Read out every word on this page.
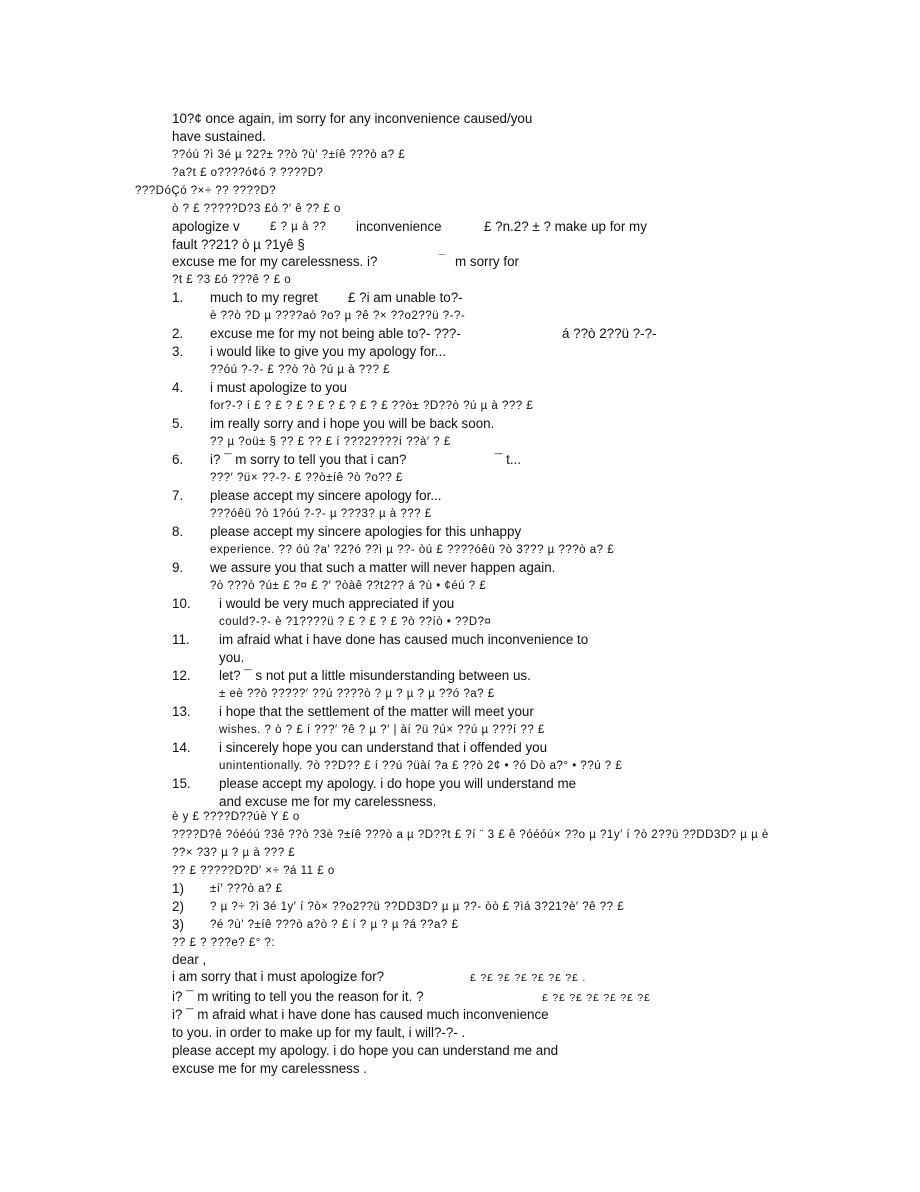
10?¢ once again, im sorry for any inconvenience caused/you
have sustained.
??óú ?ì 3é µ ?2?± ??ò ?ù′ ?±íê ???ò a? £
?a?t £ o????ó¢ó ? ????D?
???DóÇó ?×÷ ?? ????D?
ò ? £ ?????D?3 £ó ?′ ê ?? £ o
apologize v	£ ? µ à ?? inconvenience	£ ?n.2? ± ? make up for my
fault ??21? ò µ ?1yê §
excuse me for my carelessness. i?	¯ m sorry for
?t £ ?3 £ó ???ê ? £ o
1. much to my regret
è ??ò ?D µ ????aò ?o? µ ?ê ?× ??o2??ü ?-?-
£ ?i am unable to?-
2. excuse me for my not being able to?- ???-	á ??ò 2??ü ?-?-
3. i would like to give you my apology for...
??óú ?-?- £ ??ò ?ò ?ú µ à ??? £
4. i must apologize to you
for?-? í £ ? £ ? £ ? £ ? £ ? £ ? £ ??ò± ?D??ò ?ú µ à ??? £
5. im really sorry and i hope you will be back soon.
?? µ ?oü± § ?? £ ?? £ í ???2????í ??à′ ? £
6. i? ¯ m sorry to tell you that i can?
???′ ?ü× ??-?- £ ??ò±íê ?ò ?o?? £
¯ t...
7. please accept my sincere apology for...
???óêü ?ò 1?óú ?-?- µ ???3? µ à ??? £
8. please accept my sincere apologies for this unhappy
experience. ?? óú ?a′ ?2?ó ??ì µ ??- òú £ ????óêü ?ò 3??? µ ???ò a? £
9. we assure you that such a matter will never happen again.
?ò ???ò ?ú± £ ?¤ £ ?′ ?òàê ??t2?? á ?ù • ¢éú ? £
10. i would be very much appreciated if you
could?-?- è ?1????ü ? £ ? £ ? £ ?ò ??íò • ??D?¤
11. im afraid what i have done has caused much inconvenience to
you.
12. let? ¯ s not put a little misunderstanding between us.
± eè ??ò ?????′ ??ú ????ò ? µ ? µ ? µ ??ó ?a? £
13. i hope that the settlement of the matter will meet your
wishes. ? ò ? £ í ???′ ?ê ? µ ?′ | àí ?ü ?ú× ??ú µ ???í ?? £
14. i sincerely hope you can understand that i offended you
unintentionally. ?ò ??D?? £ í ??ú ?üàí ?a £ ??ò 2¢ • ?ó Dò a?° • ??ú ? £
15. please accept my apology. i do hope you will understand me
and excuse me for my carelessness.
è y £ ????D??úè Y £ o
????D?ê ?óéóú ?3ê ??ò ?3è ?±íê ???ò a µ ?D??t £ ?í ¨ 3 £ ê ?óéóú× ??o µ ?1y′ í ?ò 2??ü ??DD3D? µ µ è
??× ?3? µ ? µ à ??? £
?? £ ?????D?D′ ×÷ ?á 11 £ o
1) ±í′ ???ò a? £
2) ? µ ?÷ ?ì 3é 1y′ í ?ò× ??o2??ü ??DD3D? µ µ ??- òò £ ?ìá 3?21?è′ ?ê ?? £
3) ?é ?ù′ ?±íê ???ò a?ò ? £ í ? µ ? µ ?á ??a? £
?? £ ? ???e? £° ?:
dear ,
i am sorry that i must apologize for?	£ ?£ ?£ ?£ ?£ ?£ ?£ .
i? ¯ m writing to tell you the reason for it. ?	£ ?£ ?£ ?£ ?£ ?£ ?£
i? ¯ m afraid what i have done has caused much inconvenience
to you. in order to make up for my fault, i will?-?- .
please accept my apology. i do hope you can understand me and
excuse me for my carelessness .
